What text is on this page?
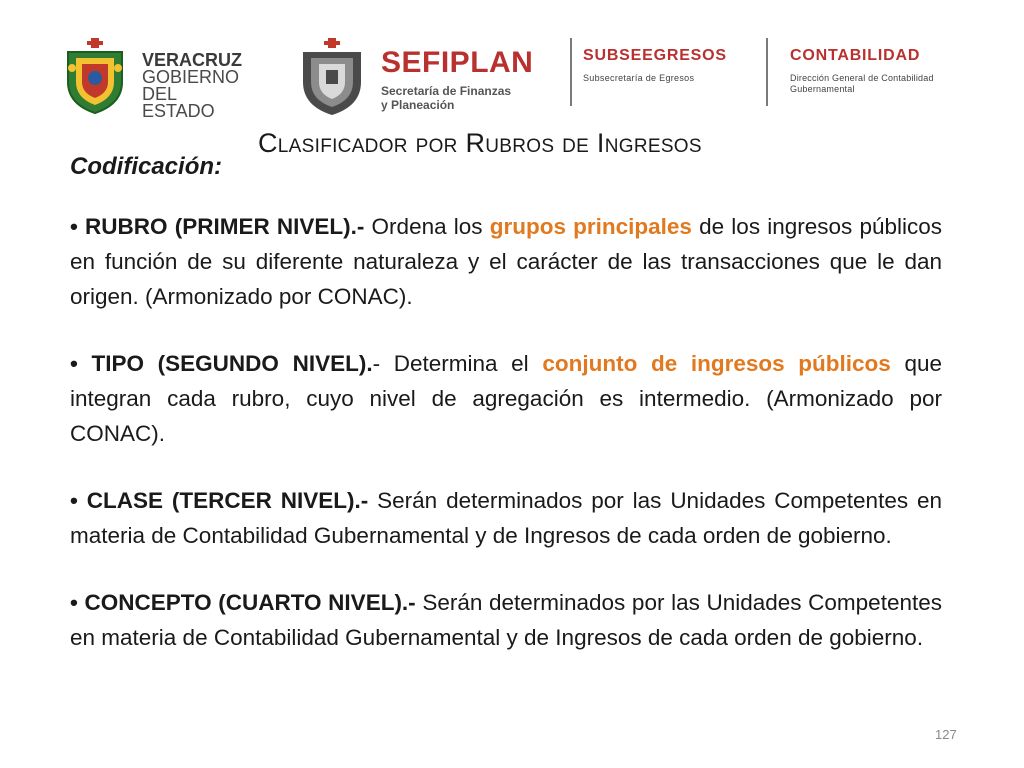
VERACRUZ
GOBIERNO
DEL ESTADO
SEFIPLAN
Secretaría de Finanzas
y Planeación
SUBSEEGRESOS
Subsecretaría de Egresos
CONTABILIDAD
Dirección General de Contabilidad
Gubernamental
Clasificador por Rubros de Ingresos
Codificación:

• RUBRO (PRIMER NIVEL).- Ordena los grupos principales de los ingresos públicos en función de su diferente naturaleza y el carácter de las transacciones que le dan origen. (Armonizado por CONAC).

• TIPO (SEGUNDO NIVEL).- Determina el conjunto de ingresos públicos que integran cada rubro, cuyo nivel de agregación es intermedio. (Armonizado por CONAC).

• CLASE (TERCER NIVEL).- Serán determinados por las Unidades Competentes en materia de Contabilidad Gubernamental y de Ingresos de cada orden de gobierno.

• CONCEPTO (CUARTO NIVEL).- Serán determinados por las Unidades Competentes en materia de Contabilidad Gubernamental y de Ingresos de cada orden de gobierno.

127
